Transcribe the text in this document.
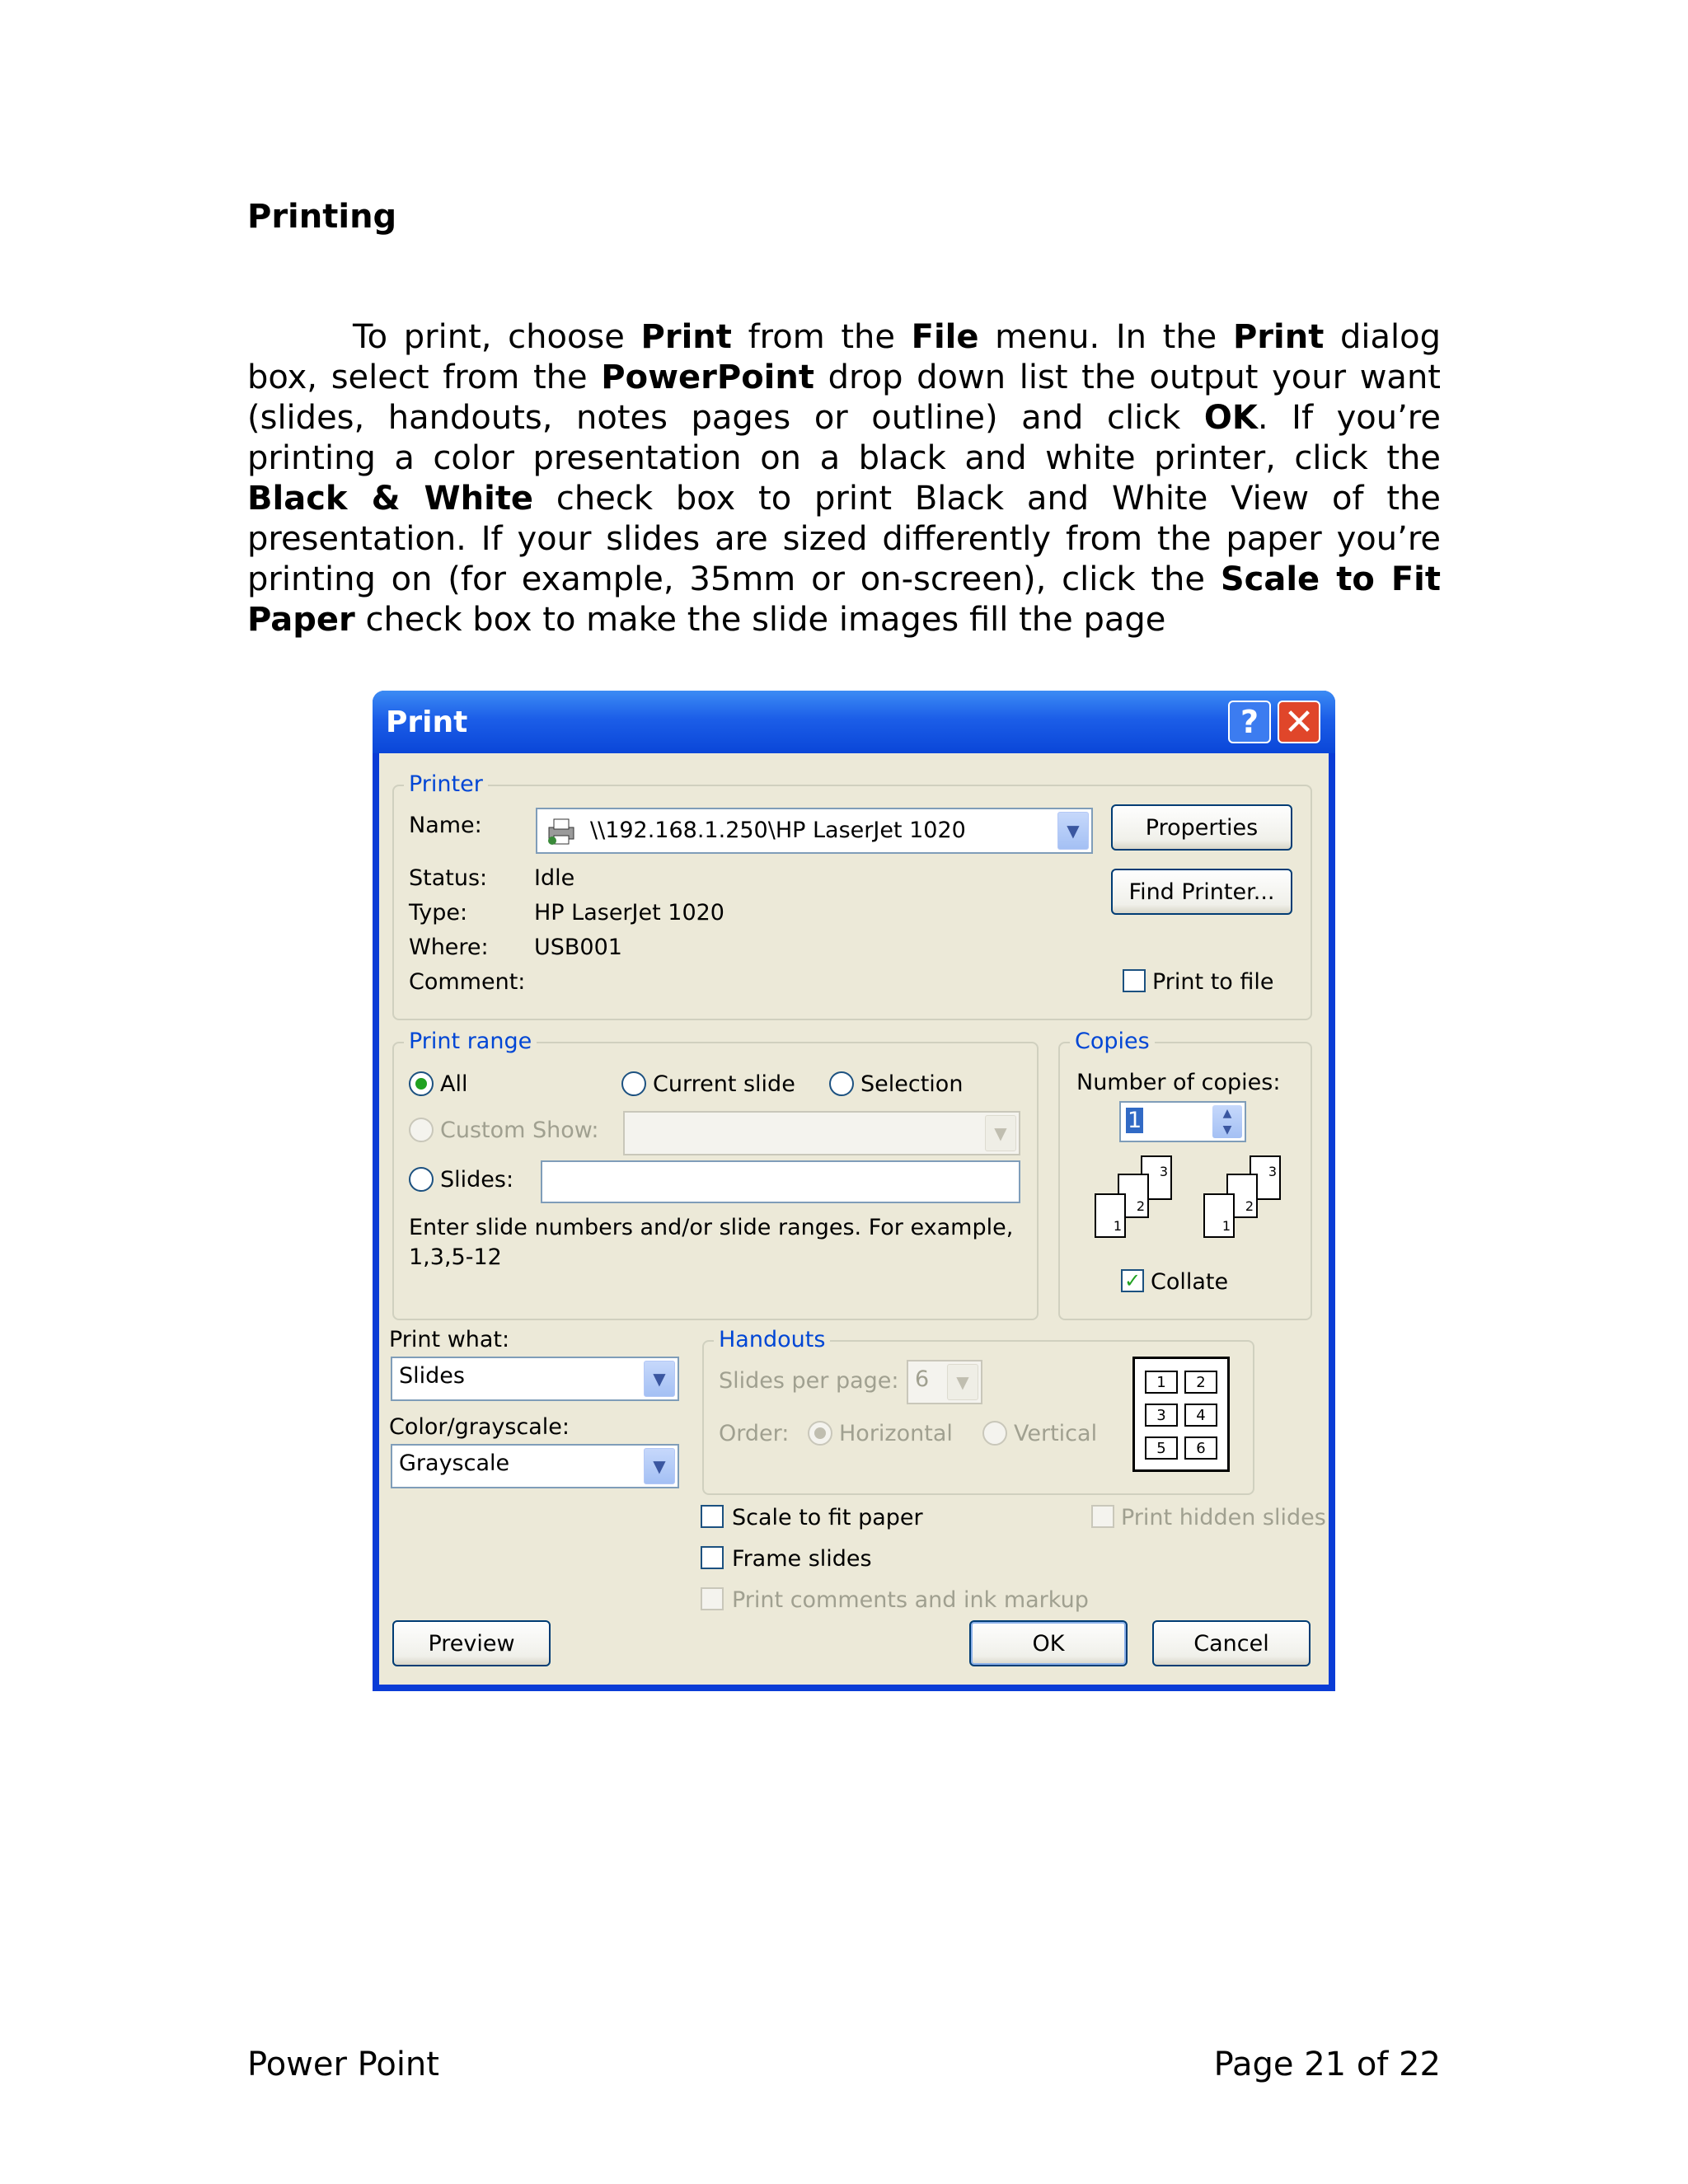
Printing
To print, choose Print from the File menu. In the Print dialog box, select from the PowerPoint drop down list the output your want (slides, handouts, notes pages or outline) and click OK. If you’re printing a color presentation on a black and white printer, click the Black & White check box to print Black and White View of the presentation. If your slides are sized differently from the paper you’re printing on (for example, 35mm or on-screen), click the Scale to Fit Paper check box to make the slide images fill the page
Print	? ✕
Printer
Name:	\\192.168.1.250\HP LaserJet 1020	▼	Properties
Find Printer...
Status: Idle
Type:	HP LaserJet 1020
Where: USB001
Comment:	Print to file
Print range
All	Current slide	Selection
Custom Show:	▼
Slides:
Enter slide numbers and/or slide ranges. For example,
1,3,5-12
Copies
Number of copies:
1	▲
▼
3
2
1
3
2
1
✓ Collate
Print what:
Slides	▼
Color/grayscale:
Grayscale	▼
Handouts
Slides per page: 6	▼
Order: Horizontal	Vertical
1	2
3	4
5	6
Scale to fit paper
Frame slides
Print comments and ink markup
Print hidden slides
Preview	OK	Cancel
Power Point	Page 21 of 22
